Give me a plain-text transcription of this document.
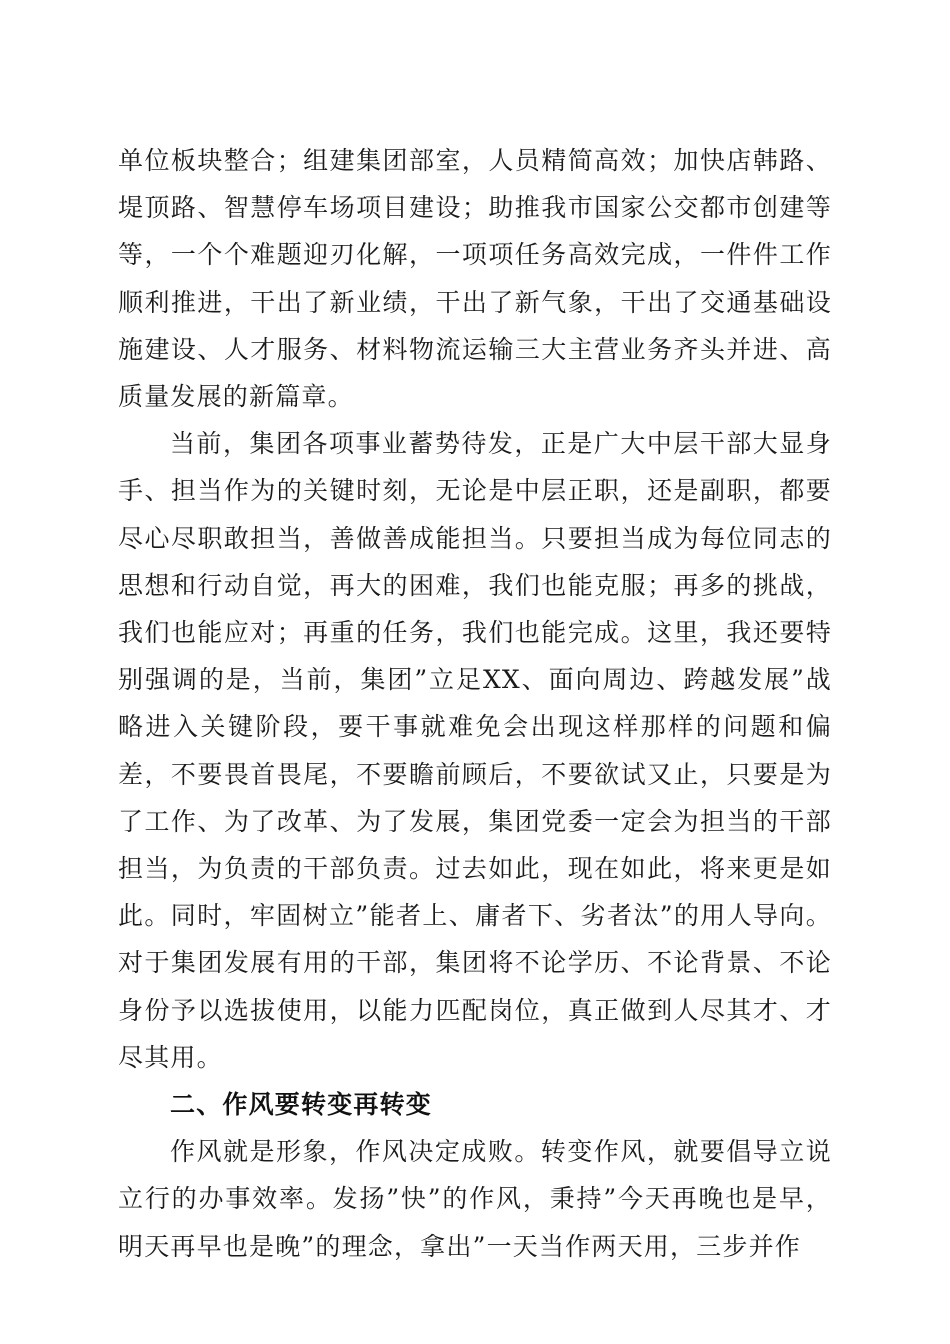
单位板块整合；组建集团部室，人员精简高效；加快店韩路、堤顶路、智慧停车场项目建设；助推我市国家公交都市创建等等，一个个难题迎刃化解，一项项任务高效完成，一件件工作顺利推进，干出了新业绩，干出了新气象，干出了交通基础设施建设、人才服务、材料物流运输三大主营业务齐头并进、高质量发展的新篇章。

当前，集团各项事业蓄势待发，正是广大中层干部大显身手、担当作为的关键时刻，无论是中层正职，还是副职，都要尽心尽职敢担当，善做善成能担当。只要担当成为每位同志的思想和行动自觉，再大的困难，我们也能克服；再多的挑战，我们也能应对；再重的任务，我们也能完成。这里，我还要特别强调的是，当前，集团”立足XX、面向周边、跨越发展”战略进入关键阶段，要干事就难免会出现这样那样的问题和偏差，不要畏首畏尾，不要瞻前顾后，不要欲试又止，只要是为了工作、为了改革、为了发展，集团党委一定会为担当的干部担当，为负责的干部负责。过去如此，现在如此，将来更是如此。同时，牢固树立”能者上、庸者下、劣者汰”的用人导向。对于集团发展有用的干部，集团将不论学历、不论背景、不论身份予以选拔使用，以能力匹配岗位，真正做到人尽其才、才尽其用。

二、作风要转变再转变

作风就是形象，作风决定成败。转变作风，就要倡导立说立行的办事效率。发扬”快”的作风，秉持”今天再晚也是早，明天再早也是晚”的理念，拿出”一天当作两天用，三步并作
